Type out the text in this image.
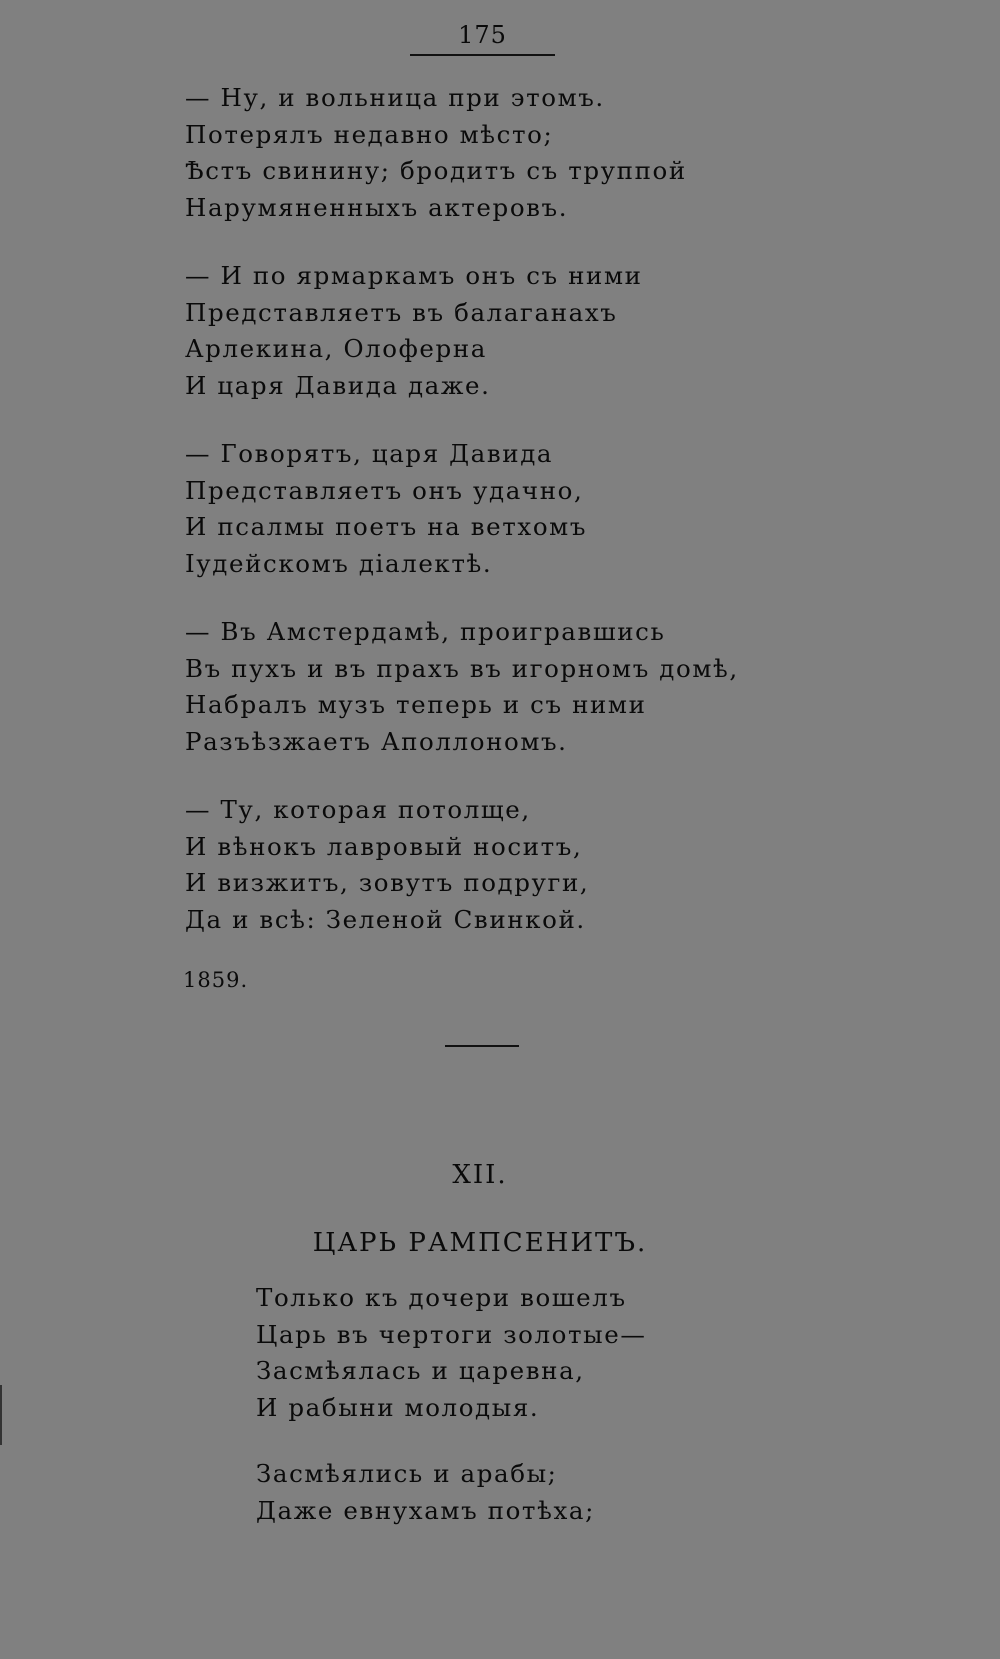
175
— Ну, и вольница при этомъ.
Потерялъ недавно мѣсто;
Ѣстъ свинину; бродитъ съ труппой
Нарумяненныхъ актеровъ.
— И по ярмаркамъ онъ съ ними
Представляетъ въ балаганахъ
Арлекина, Олоферна
И царя Давида даже.
— Говорятъ, царя Давида
Представляетъ онъ удачно,
И псалмы поетъ на ветхомъ
Іудейскомъ діалектѣ.
— Въ Амстердамѣ, проигравшись
Въ пухъ и въ прахъ въ игорномъ домѣ,
Набралъ музъ теперь и съ ними
Разъѣзжаетъ Аполлономъ.
— Ту, которая потолще,
И вѣнокъ лавровый носитъ,
И визжитъ, зовутъ подруги,
Да и всѣ: Зеленой Свинкой.
1859.
XII.
ЦАРЬ РАМПСЕНИТЪ.
Только къ дочери вошелъ
Царь въ чертоги золотые—
Засмѣялась и царевна,
И рабыни молодыя.
Засмѣялись и арабы;
Даже евнухамъ потѣха;
